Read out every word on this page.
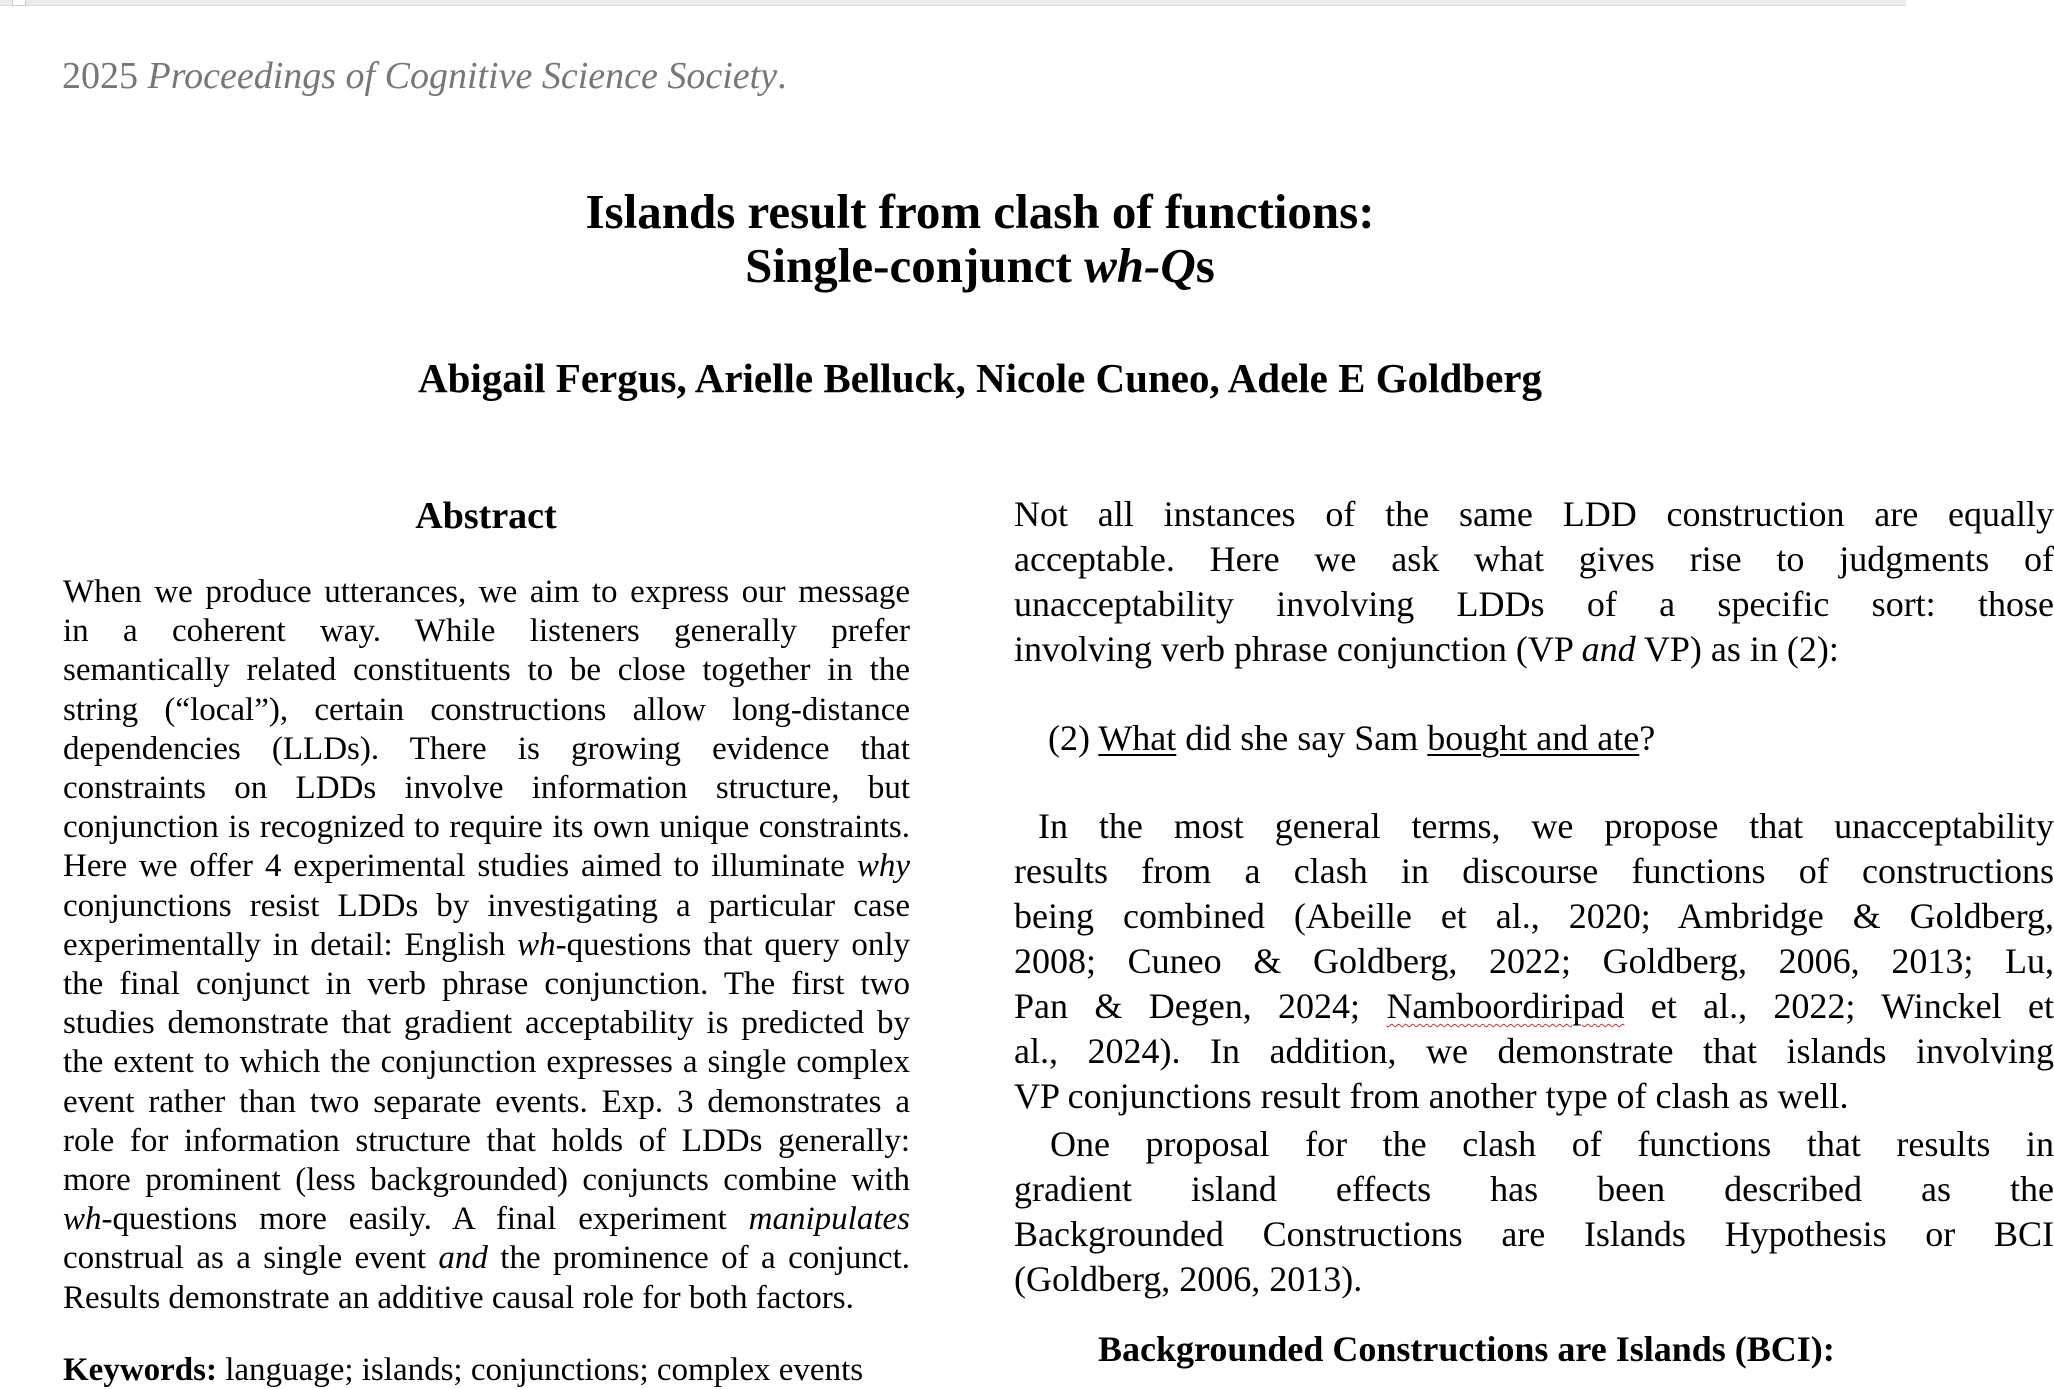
2025 Proceedings of Cognitive Science Society.
Islands result from clash of functions:
Single-conjunct wh-Qs
Abigail Fergus, Arielle Belluck, Nicole Cuneo, Adele E Goldberg
Abstract
When we produce utterances, we aim to express our message
in a coherent way. While listeners generally prefer
semantically related constituents to be close together in the
string (“local”), certain constructions allow long-distance
dependencies (LLDs). There is growing evidence that
constraints on LDDs involve information structure, but
conjunction is recognized to require its own unique constraints.
Here we offer 4 experimental studies aimed to illuminate why
conjunctions resist LDDs by investigating a particular case
experimentally in detail: English wh-questions that query only
the final conjunct in verb phrase conjunction. The first two
studies demonstrate that gradient acceptability is predicted by
the extent to which the conjunction expresses a single complex
event rather than two separate events. Exp. 3 demonstrates a
role for information structure that holds of LDDs generally:
more prominent (less backgrounded) conjuncts combine with
wh-questions more easily. A final experiment manipulates
construal as a single event and the prominence of a conjunct.
Results demonstrate an additive causal role for both factors.
Keywords: language; islands; conjunctions; complex events
Not all instances of the same LDD construction are equally
acceptable. Here we ask what gives rise to judgments of
unacceptability involving LDDs of a specific sort: those
involving verb phrase conjunction (VP and VP) as in (2):
(2) What did she say Sam bought and ate?
In the most general terms, we propose that unacceptability
results from a clash in discourse functions of constructions
being combined (Abeille et al., 2020; Ambridge & Goldberg,
2008; Cuneo & Goldberg, 2022; Goldberg, 2006, 2013; Lu,
Pan & Degen, 2024; Namboordiripad et al., 2022; Winckel et
al., 2024). In addition, we demonstrate that islands involving
VP conjunctions result from another type of clash as well.
One proposal for the clash of functions that results in
gradient island effects has been described as the
Backgrounded Constructions are Islands Hypothesis or BCI
(Goldberg, 2006, 2013).
Backgrounded Constructions are Islands (BCI):
